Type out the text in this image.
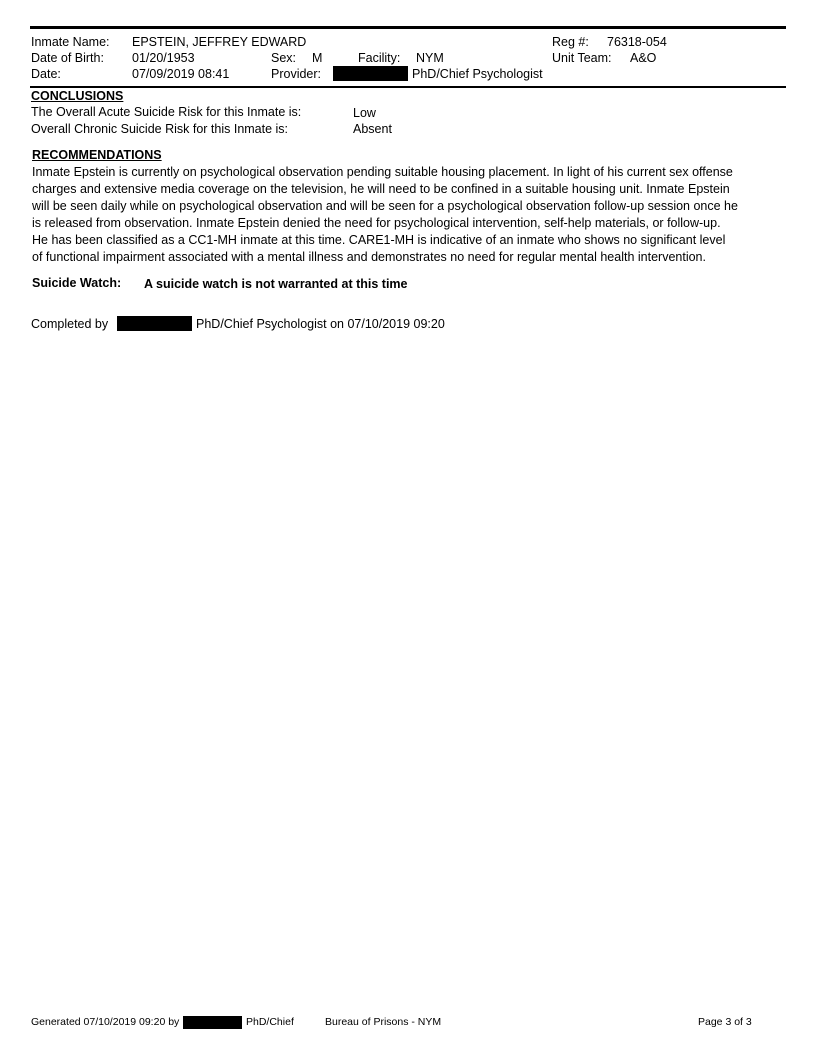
Inmate Name: EPSTEIN, JEFFREY EDWARD	Reg #: 76318-054
Date of Birth: 01/20/1953	Sex: M	Facility: NYM	Unit Team: A&O
Date:	07/09/2019 08:41	Provider:	PhD/Chief Psychologist
CONCLUSIONS
The Overall Acute Suicide Risk for this Inmate is:	Low
Overall Chronic Suicide Risk for this Inmate is:	Absent
RECOMMENDATIONS
Inmate Epstein is currently on psychological observation pending suitable housing placement. In light of his current sex offense
charges and extensive media coverage on the television, he will need to be confined in a suitable housing unit. Inmate Epstein
will be seen daily while on psychological observation and will be seen for a psychological observation follow-up session once he
is released from observation. Inmate Epstein denied the need for psychological intervention, self-help materials, or follow-up.
He has been classified as a CC1-MH inmate at this time. CARE1-MH is indicative of an inmate who shows no significant level
of functional impairment associated with a mental illness and demonstrates no need for regular mental health intervention.
Suicide Watch: A suicide watch is not warranted at this time
Completed by	PhD/Chief Psychologist on 07/10/2019 09:20
Generated 07/10/2019 09:20 by	PhD/Chief	Bureau of Prisons - NYM	Page 3 of 3
